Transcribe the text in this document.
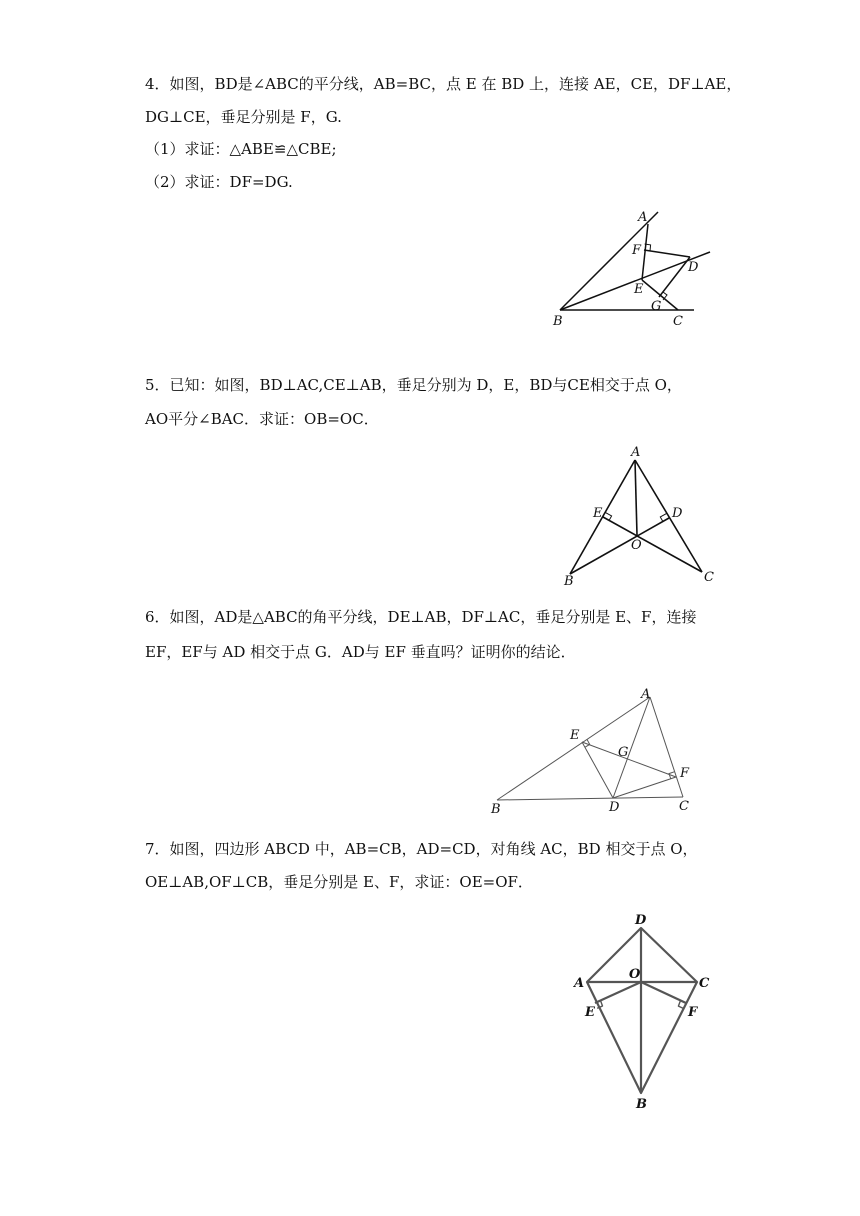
4．如图，BD是∠ABC的平分线，AB=BC，点 E 在 BD 上，连接 AE，CE，DF⊥AE，
DG⊥CE，垂足分别是 F，G.
（1）求证：△ABE≌△CBE;
（2）求证：DF=DG.
A
F
D
E
G
B	C
5．已知：如图，BD⊥AC,CE⊥AB，垂足分别为 D，E，BD与CE相交于点 O，
AO平分∠BAC．求证：OB=OC．
A
E	D
O
B	C
6．如图，AD是△ABC的角平分线，DE⊥AB，DF⊥AC，垂足分别是 E、F，连接
EF，EF与 AD 相交于点 G．AD与 EF 垂直吗？证明你的结论．
A
E
G
F
B	D	C
7．如图，四边形 ABCD 中，AB=CB，AD=CD，对角线 AC，BD 相交于点 O，
OE⊥AB,OF⊥CB，垂足分别是 E、F，求证：OE=OF．
D
A
O
C
E	F
B
